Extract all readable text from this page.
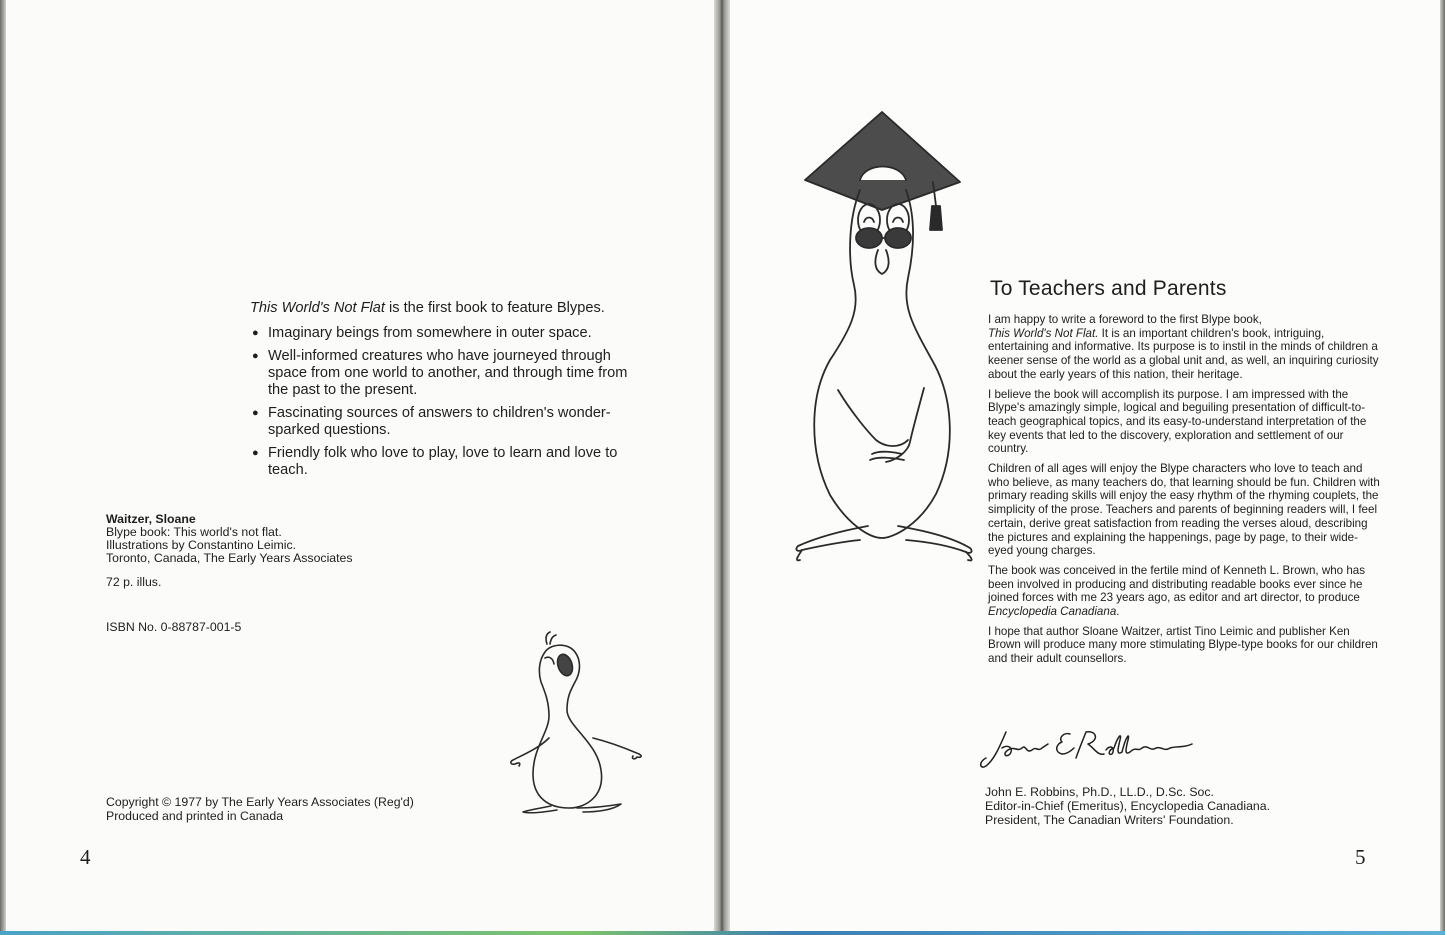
This World's Not Flat is the first book to feature Blypes.

● Imaginary beings from somewhere in outer space.
● Well-informed creatures who have journeyed through space from one world to another, and through time from the past to the present.
● Fascinating sources of answers to children's wonder-sparked questions.
● Friendly folk who love to play, love to learn and love to teach.
Waitzer, Sloane
Blype book: This world's not flat.
Illustrations by Constantino Leimic.
Toronto, Canada, The Early Years Associates
72 p. illus.
ISBN No. 0-88787-001-5
Copyright © 1977 by The Early Years Associates (Reg'd)
Produced and printed in Canada
4
To Teachers and Parents

I am happy to write a foreword to the first Blype book,
This World's Not Flat. It is an important children's book, intriguing, entertaining and informative. Its purpose is to instil in the minds of children a keener sense of the world as a global unit and, as well, an inquiring curiosity about the early years of this nation, their heritage.

I believe the book will accomplish its purpose. I am impressed with the Blype's amazingly simple, logical and beguiling presentation of difficult-to-teach geographical topics, and its easy-to-understand interpretation of the key events that led to the discovery, exploration and settlement of our country.

Children of all ages will enjoy the Blype characters who love to teach and who believe, as many teachers do, that learning should be fun. Children with primary reading skills will enjoy the easy rhythm of the rhyming couplets, the simplicity of the prose. Teachers and parents of beginning readers will, I feel certain, derive great satisfaction from reading the verses aloud, describing the pictures and explaining the happenings, page by page, to their wide-eyed young charges.

The book was conceived in the fertile mind of Kenneth L. Brown, who has been involved in producing and distributing readable books ever since he joined forces with me 23 years ago, as editor and art director, to produce Encyclopedia Canadiana.

I hope that author Sloane Waitzer, artist Tino Leimic and publisher Ken Brown will produce many more stimulating Blype-type books for our children and their adult counsellors.

John E. Robbins, Ph.D., LL.D., D.Sc. Soc.
Editor-in-Chief (Emeritus), Encyclopedia Canadiana.
President, The Canadian Writers' Foundation.
5
